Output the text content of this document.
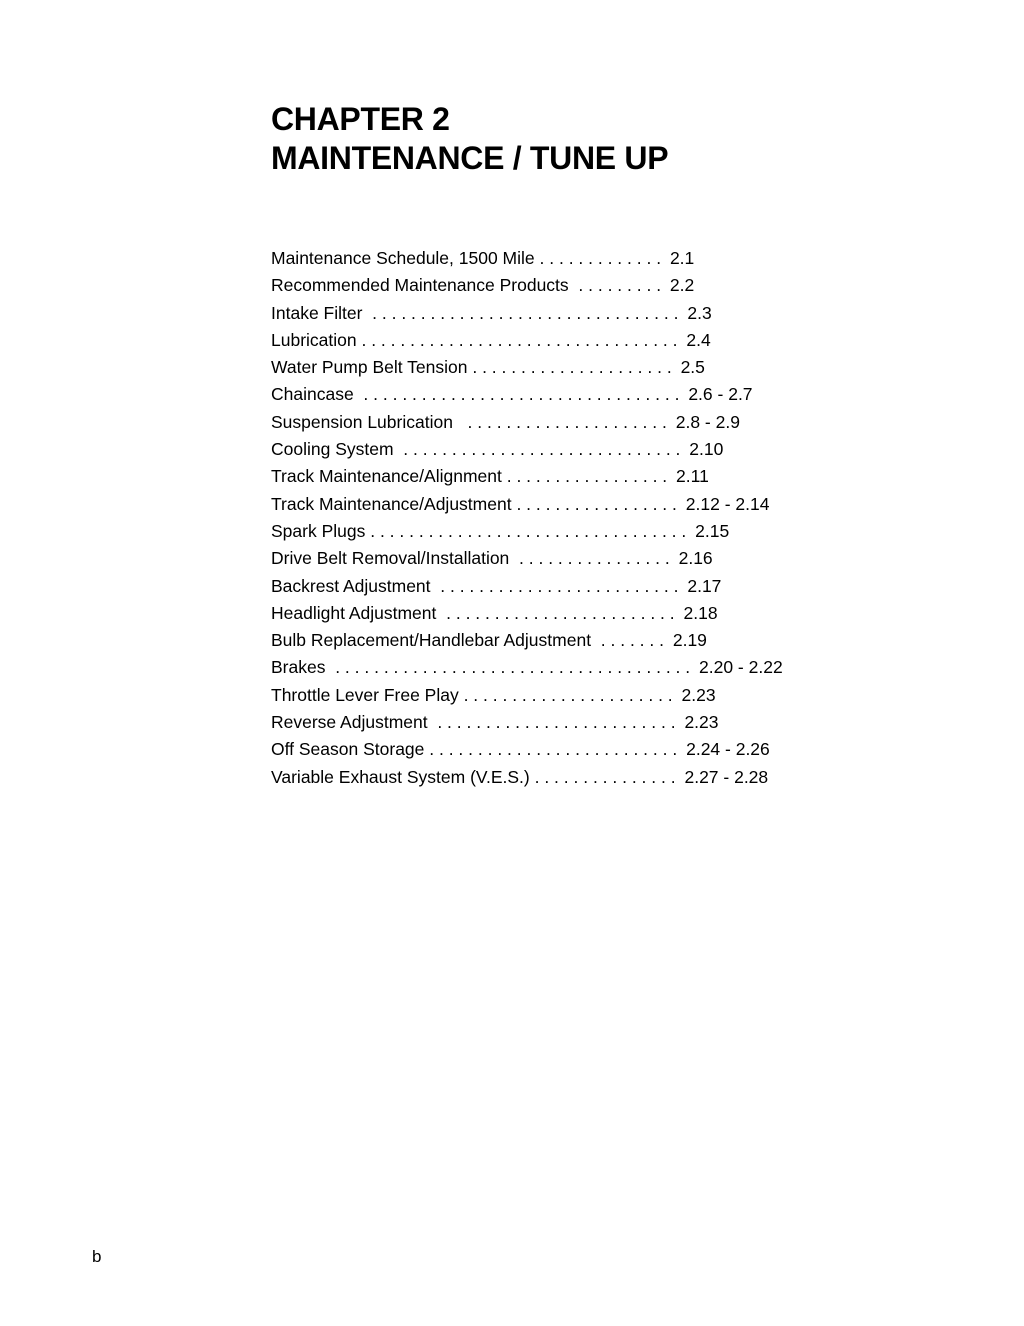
CHAPTER 2
MAINTENANCE / TUNE UP
Maintenance Schedule, 1500 Mile . . . . . . . . . . . . . 2.1
Recommended Maintenance Products . . . . . . . . . 2.2
Intake Filter . . . . . . . . . . . . . . . . . . . . . . . . . . . . . . . . 2.3
Lubrication . . . . . . . . . . . . . . . . . . . . . . . . . . . . . . . . . 2.4
Water Pump Belt Tension . . . . . . . . . . . . . . . . . . . . . 2.5
Chaincase . . . . . . . . . . . . . . . . . . . . . . . . . . . . . . . . . 2.6 - 2.7
Suspension Lubrication . . . . . . . . . . . . . . . . . . . . . 2.8 - 2.9
Cooling System . . . . . . . . . . . . . . . . . . . . . . . . . . . . . 2.10
Track Maintenance/Alignment . . . . . . . . . . . . . . . . . 2.11
Track Maintenance/Adjustment . . . . . . . . . . . . . . . . . 2.12 - 2.14
Spark Plugs . . . . . . . . . . . . . . . . . . . . . . . . . . . . . . . . . 2.15
Drive Belt Removal/Installation . . . . . . . . . . . . . . . . 2.16
Backrest Adjustment . . . . . . . . . . . . . . . . . . . . . . . . . 2.17
Headlight Adjustment . . . . . . . . . . . . . . . . . . . . . . . . 2.18
Bulb Replacement/Handlebar Adjustment . . . . . . . 2.19
Brakes . . . . . . . . . . . . . . . . . . . . . . . . . . . . . . . . . . . . . 2.20 - 2.22
Throttle Lever Free Play . . . . . . . . . . . . . . . . . . . . . . 2.23
Reverse Adjustment . . . . . . . . . . . . . . . . . . . . . . . . . 2.23
Off Season Storage . . . . . . . . . . . . . . . . . . . . . . . . . . 2.24 - 2.26
Variable Exhaust System (V.E.S.) . . . . . . . . . . . . . . . 2.27 - 2.28
b
